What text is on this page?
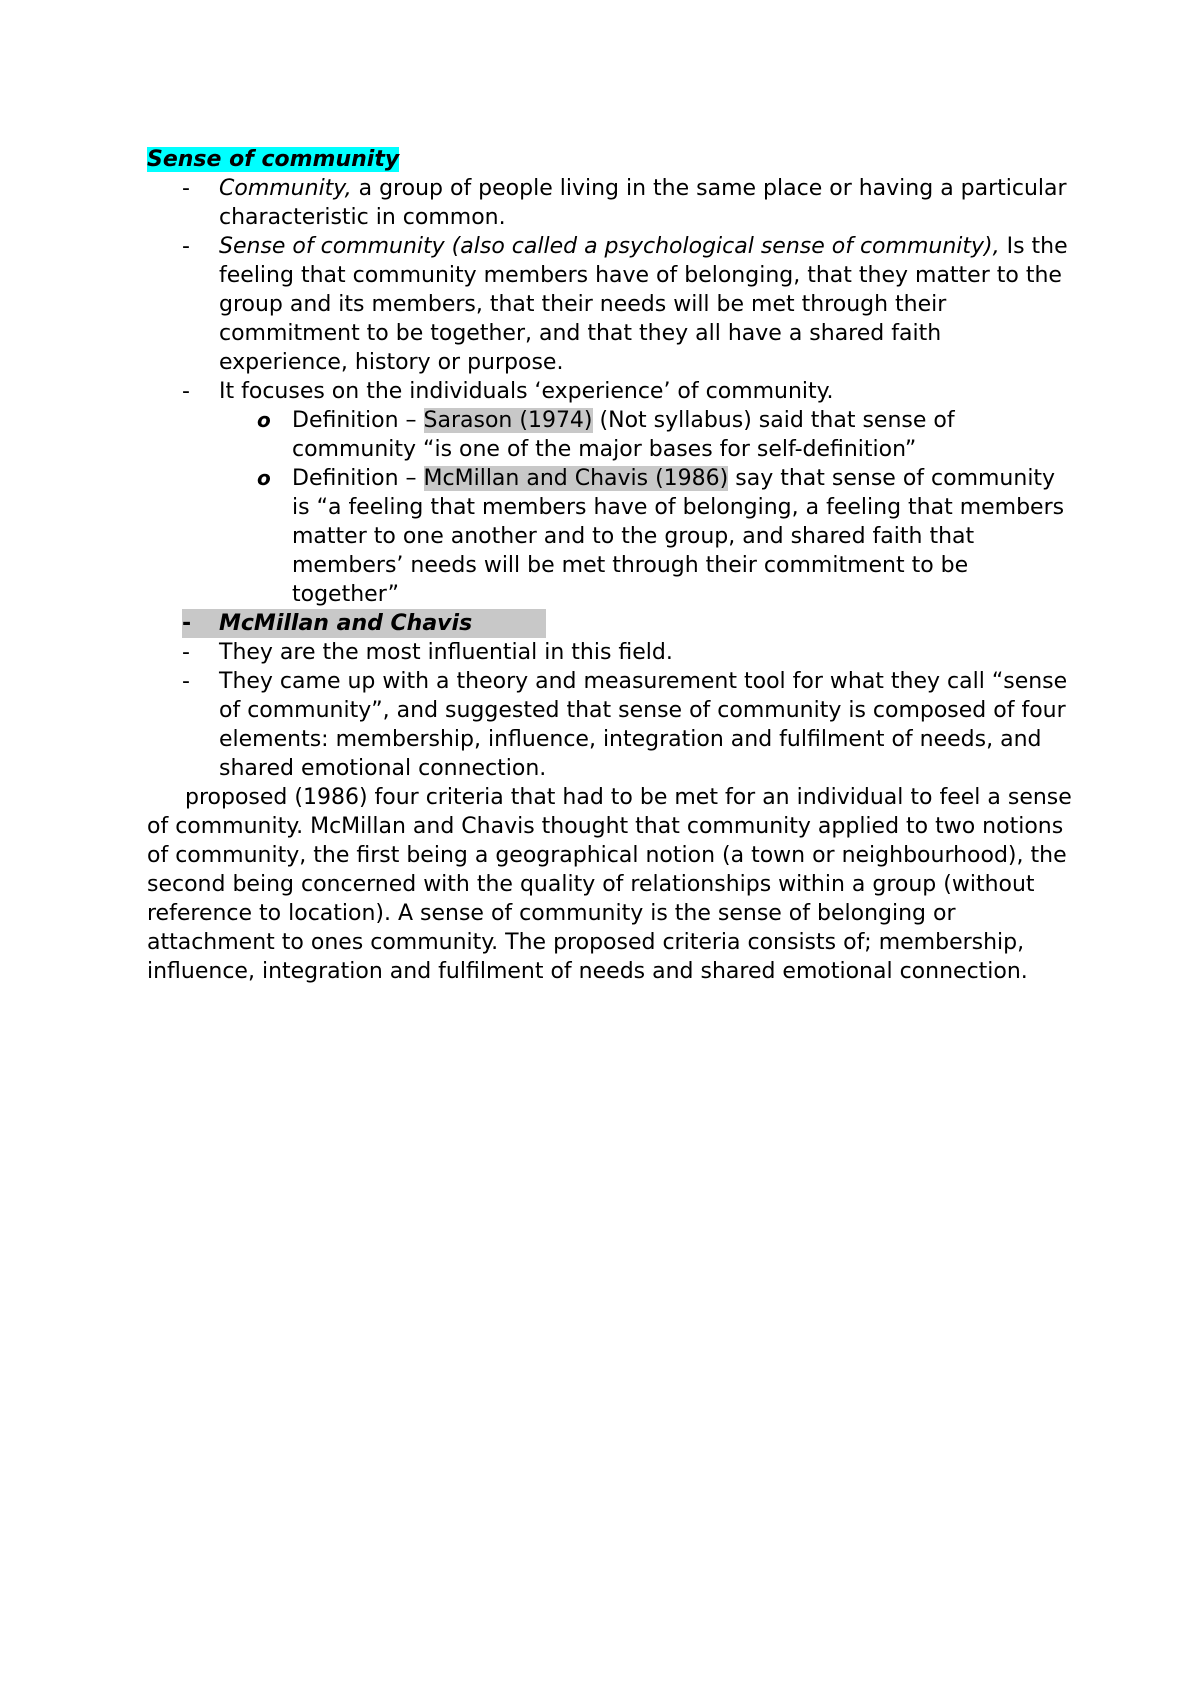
Sense of community
- Community, a group of people living in the same place or having a particular characteristic in common.
- Sense of community (also called a psychological sense of community), Is the feeling that community members have of belonging, that they matter to the group and its members, that their needs will be met through their commitment to be together, and that they all have a shared faith experience, history or purpose.
- It focuses on the individuals ‘experience’ of community.
o Definition – Sarason (1974) (Not syllabus) said that sense of community “is one of the major bases for self-definition”
o Definition – McMillan and Chavis (1986) say that sense of community is “a feeling that members have of belonging, a feeling that members matter to one another and to the group, and shared faith that members’ needs will be met through their commitment to be together”
- McMillan and Chavis
- They are the most influential in this field.
- They came up with a theory and measurement tool for what they call “sense of community”, and suggested that sense of community is composed of four elements: membership, influence, integration and fulfilment of needs, and shared emotional connection.
proposed (1986) four criteria that had to be met for an individual to feel a sense of community. McMillan and Chavis thought that community applied to two notions of community, the first being a geographical notion (a town or neighbourhood), the second being concerned with the quality of relationships within a group (without reference to location). A sense of community is the sense of belonging or attachment to ones community. The proposed criteria consists of; membership, influence, integration and fulfilment of needs and shared emotional connection.
